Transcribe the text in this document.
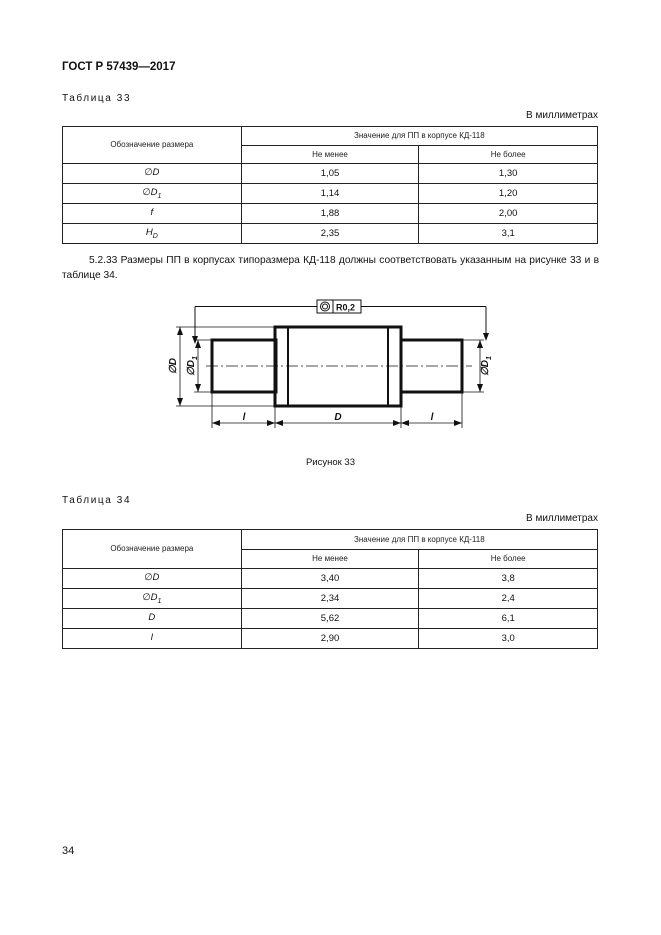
ГОСТ Р 57439—2017
Таблица 33
В миллиметрах
Обозначение размера	Значение для ПП в корпусе КД-118	
	Не менее	Не более
∅D	1,05	1,30
$\emptyset D_1$	1,14	1,20
f	1,88	2,00
$H_D$	2,35	3,1
5.2.33 Размеры ПП в корпусах типоразмера КД-118 должны соответствовать указанным на рисунке 33 и в таблице 34.
R0,2
∅D $\emptyset D_1$
$\emptyset D_1$
l	D	l
Рисунок 33
Таблица 34
В миллиметрах
Обозначение размера	Значение для ПП в корпусе КД-118	
	Не менее	Не более
∅D	3,40	3,8
$\emptyset D_1$	2,34	2,4
D	5,62	6,1
l	2,90	3,0
34
